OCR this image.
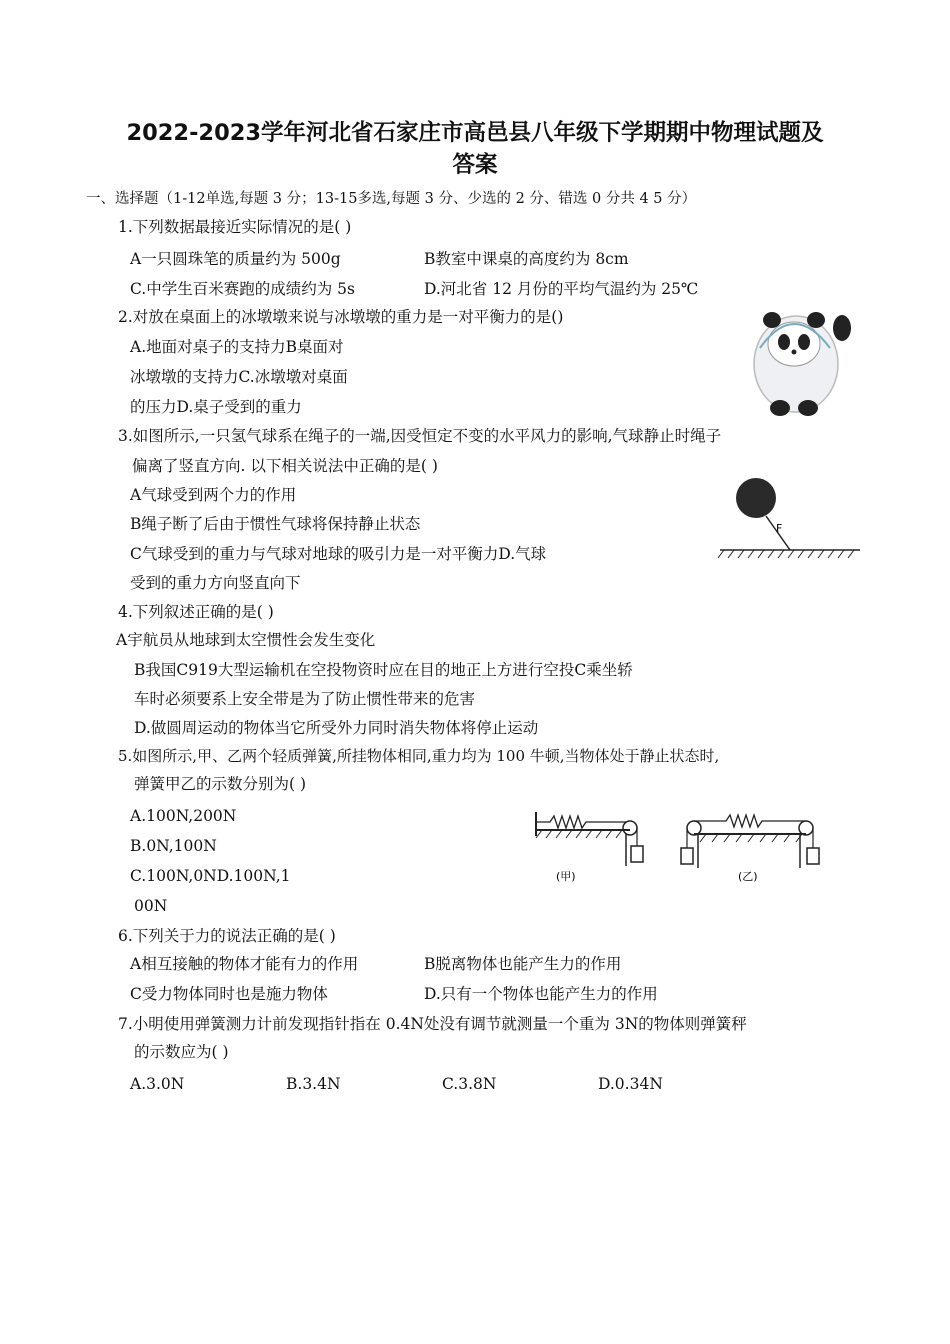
2022-2023学年河北省石家庄市高邑县八年级下学期期中物理试题及
答案
一、选择题（1-12单选,每题 3 分；13-15多选,每题 3 分、少选的 2 分、错选 0 分共 4 5 分）
1.下列数据最接近实际情况的是( )
A一只圆珠笔的质量约为 500g	B教室中课桌的高度约为 8cm
C.中学生百米赛跑的成绩约为 5s	D.河北省 12 月份的平均气温约为 25℃
2.对放在桌面上的冰墩墩来说与冰墩墩的重力是一对平衡力的是()
A.地面对桌子的支持力B桌面对
冰墩墩的支持力C.冰墩墩对桌面
的压力D.桌子受到的重力
3.如图所示,一只氢气球系在绳子的一端,因受恒定不变的水平风力的影响,气球静止时绳子
偏离了竖直方向. 以下相关说法中正确的是( )
A气球受到两个力的作用
B绳子断了后由于惯性气球将保持静止状态
C气球受到的重力与气球对地球的吸引力是一对平衡力D.气球
受到的重力方向竖直向下
F
4.下列叙述正确的是( )
A宇航员从地球到太空惯性会发生变化
B我国C919大型运输机在空投物资时应在目的地正上方进行空投C乘坐轿
车时必须要系上安全带是为了防止惯性带来的危害
D.做圆周运动的物体当它所受外力同时消失物体将停止运动
5.如图所示,甲、乙两个轻质弹簧,所挂物体相同,重力均为 100 牛顿,当物体处于静止状态时,
弹簧甲乙的示数分别为( )
A.100N,200N
B.0N,100N
C.100N,0ND.100N,1
00N
(甲)	(乙)
6.下列关于力的说法正确的是( )
A相互接触的物体才能有力的作用	B脱离物体也能产生力的作用
C受力物体同时也是施力物体	D.只有一个物体也能产生力的作用
7.小明使用弹簧测力计前发现指针指在 0.4N处没有调节就测量一个重为 3N的物体则弹簧秤
的示数应为( )
A.3.0N	B.3.4N	C.3.8N	D.0.34N
